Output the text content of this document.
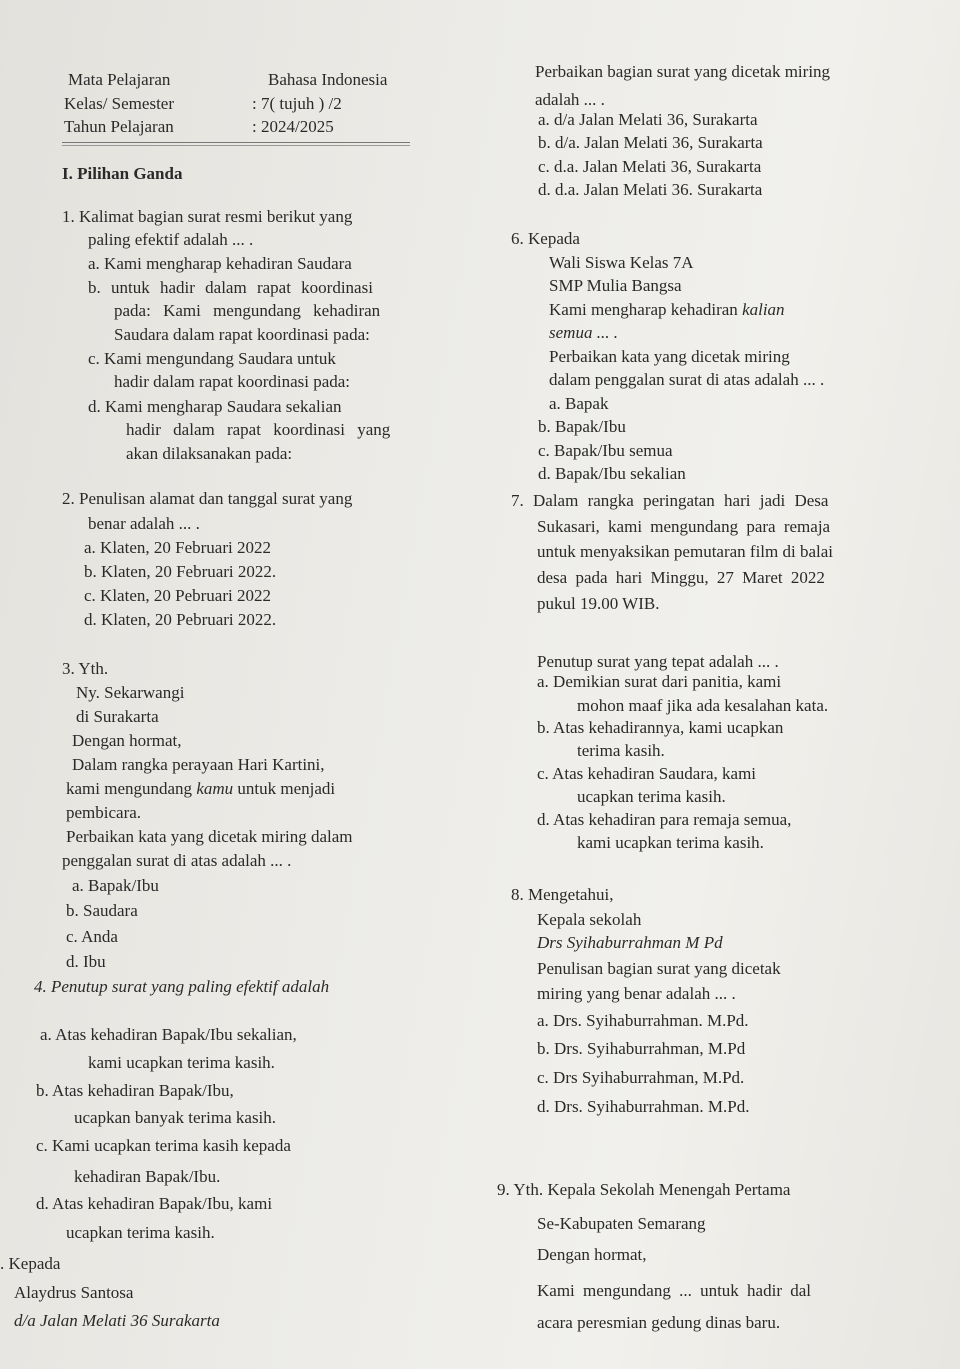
Mata Pelajaran	Bahasa Indonesia
Kelas/ Semester	: 7( tujuh ) /2
Tahun Pelajaran	: 2024/2025
I. Pilihan Ganda
1. Kalimat bagian surat resmi berikut yang
paling efektif adalah ... .
a. Kami mengharap kehadiran Saudara
b. untuk hadir dalam rapat koordinasi
pada: Kami mengundang kehadiran
Saudara dalam rapat koordinasi pada:
c. Kami mengundang Saudara untuk
hadir dalam rapat koordinasi pada:
d. Kami mengharap Saudara sekalian
hadir dalam rapat koordinasi yang
akan dilaksanakan pada:
2. Penulisan alamat dan tanggal surat yang
benar adalah ... .
a. Klaten, 20 Februari 2022
b. Klaten, 20 Februari 2022.
c. Klaten, 20 Pebruari 2022
d. Klaten, 20 Pebruari 2022.
3. Yth.
Ny. Sekarwangi
di Surakarta
Dengan hormat,
Dalam rangka perayaan Hari Kartini,
kami mengundang kamu untuk menjadi
pembicara.
Perbaikan kata yang dicetak miring dalam
penggalan surat di atas adalah ... .
a. Bapak/Ibu
b. Saudara
c. Anda
d. Ibu
4. Penutup surat yang paling efektif adalah
a. Atas kehadiran Bapak/Ibu sekalian,
kami ucapkan terima kasih.
b. Atas kehadiran Bapak/Ibu,
ucapkan banyak terima kasih.
c. Kami ucapkan terima kasih kepada
kehadiran Bapak/Ibu.
d. Atas kehadiran Bapak/Ibu, kami
ucapkan terima kasih.
. Kepada
Alaydrus Santosa
d/a Jalan Melati 36 Surakarta
Perbaikan bagian surat yang dicetak miring
adalah ... .
a. d/a Jalan Melati 36, Surakarta
b. d/a. Jalan Melati 36, Surakarta
c. d.a. Jalan Melati 36, Surakarta
d. d.a. Jalan Melati 36. Surakarta
6. Kepada
Wali Siswa Kelas 7A
SMP Mulia Bangsa
Kami mengharap kehadiran kalian
semua ... .
Perbaikan kata yang dicetak miring
dalam penggalan surat di atas adalah ... .
a. Bapak
b. Bapak/Ibu
c. Bapak/Ibu semua
d. Bapak/Ibu sekalian
7. Dalam rangka peringatan hari jadi Desa
Sukasari, kami mengundang para remaja
untuk menyaksikan pemutaran film di balai
desa pada hari Minggu, 27 Maret 2022
pukul 19.00 WIB.
Penutup surat yang tepat adalah ... .
a. Demikian surat dari panitia, kami
mohon maaf jika ada kesalahan kata.
b. Atas kehadirannya, kami ucapkan
terima kasih.
c. Atas kehadiran Saudara, kami
ucapkan terima kasih.
d. Atas kehadiran para remaja semua,
kami ucapkan terima kasih.
8. Mengetahui,
Kepala sekolah
Drs Syihaburrahman M Pd
Penulisan bagian surat yang dicetak
miring yang benar adalah ... .
a. Drs. Syihaburrahman. M.Pd.
b. Drs. Syihaburrahman, M.Pd
c. Drs Syihaburrahman, M.Pd.
d. Drs. Syihaburrahman. M.Pd.
9. Yth. Kepala Sekolah Menengah Pertama
Se-Kabupaten Semarang
Dengan hormat,
Kami mengundang ... untuk hadir dal
acara peresmian gedung dinas baru.
